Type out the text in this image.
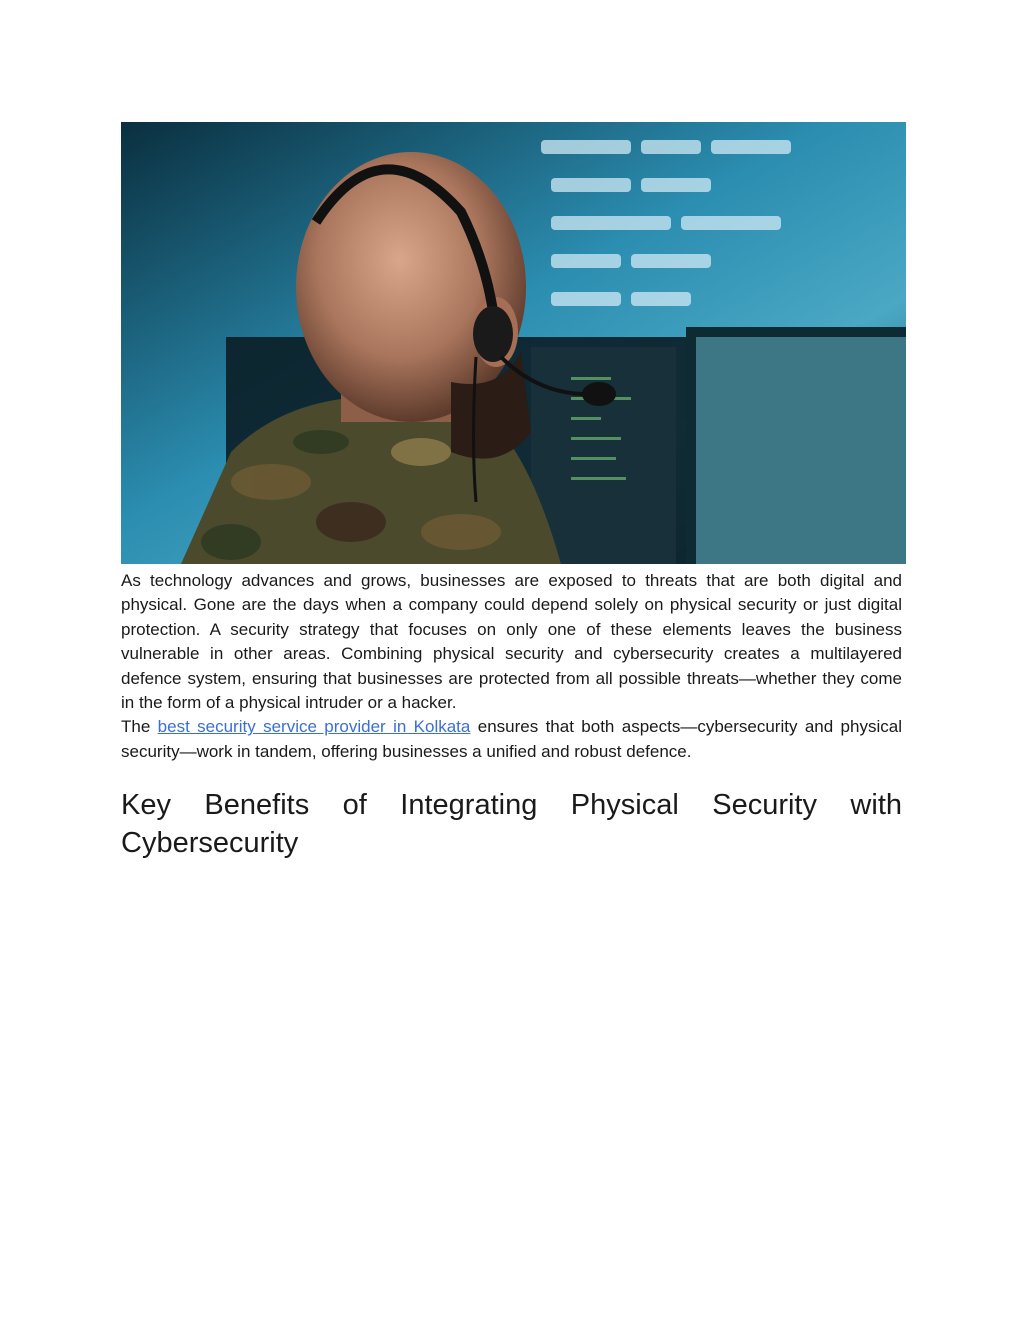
As technology advances and grows, businesses are exposed to threats that are both digital and physical. Gone are the days when a company could depend solely on physical security or just digital protection. A security strategy that focuses on only one of these elements leaves the business vulnerable in other areas. Combining physical security and cybersecurity creates a multilayered defence system, ensuring that businesses are protected from all possible threats—whether they come in the form of a physical intruder or a hacker.

The best security service provider in Kolkata ensures that both aspects—cybersecurity and physical security—work in tandem, offering businesses a unified and robust defence.

Key Benefits of Integrating Physical Security with Cybersecurity
